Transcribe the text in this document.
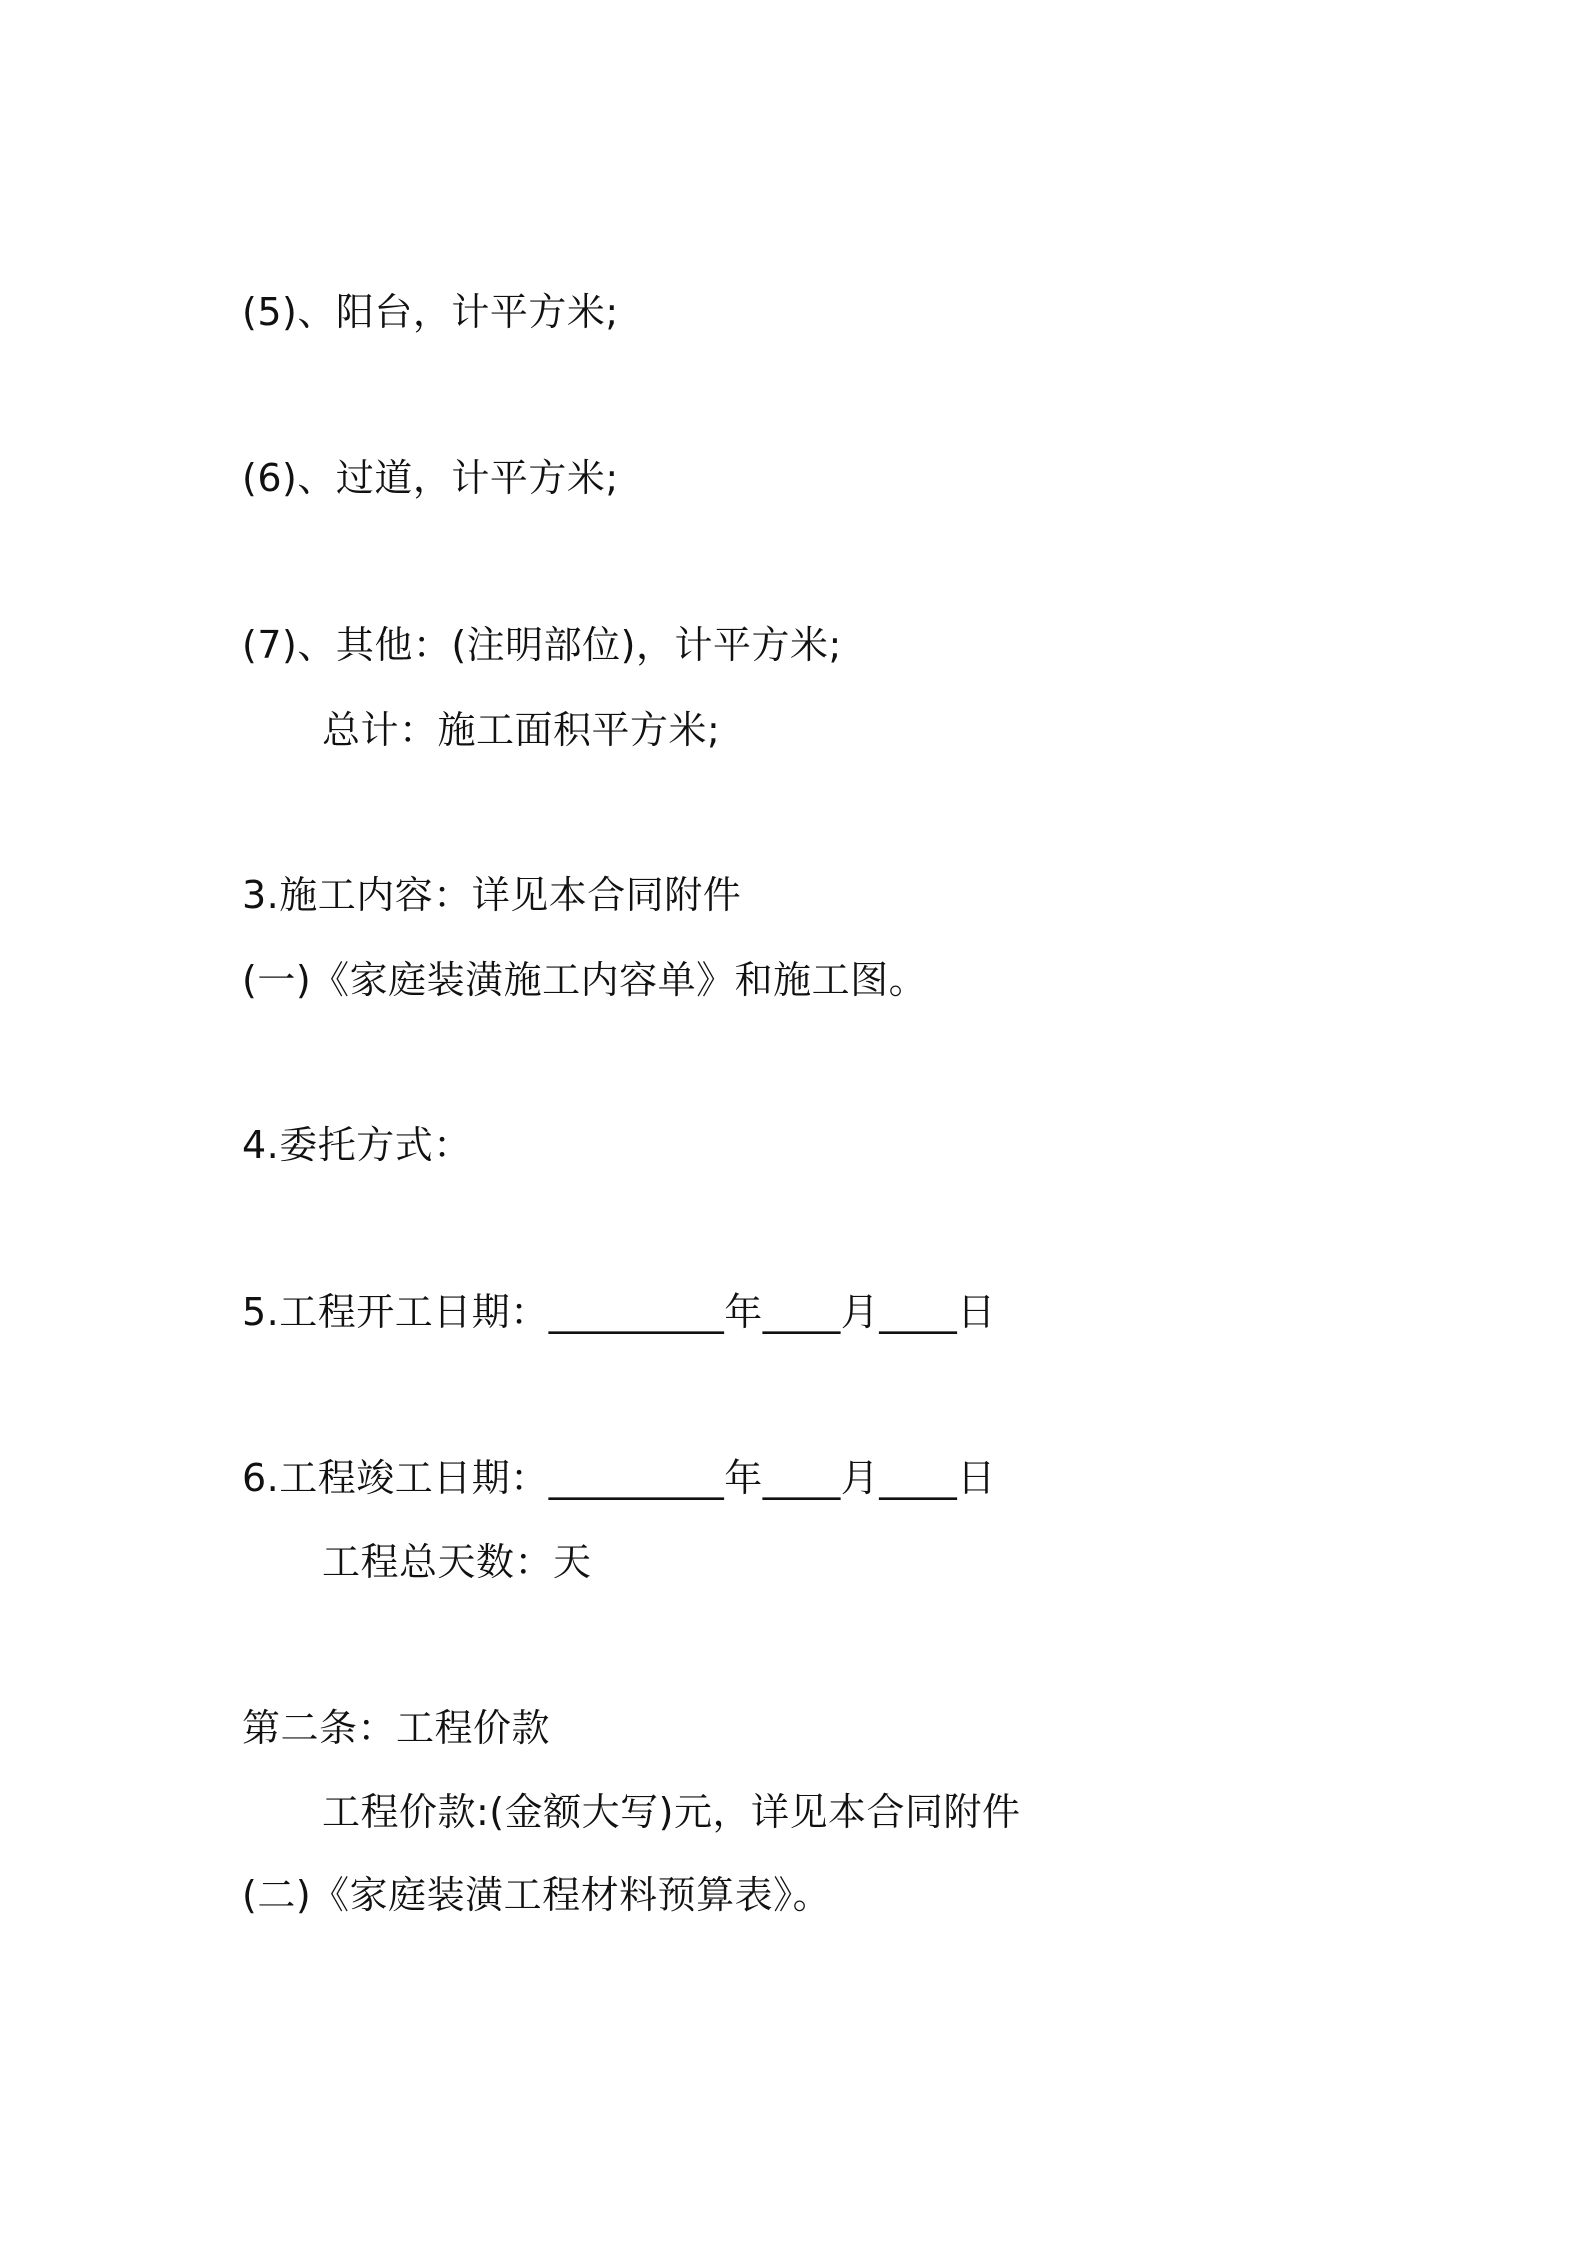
(5)、阳台，计平方米;
(6)、过道，计平方米;
(7)、其他：(注明部位)，计平方米;
总计：施工面积平方米;
3.施工内容：详见本合同附件
(一)《家庭装潢施工内容单》和施工图。
4.委托方式：
5.工程开工日期：_________年____月____日
6.工程竣工日期：_________年____月____日
工程总天数：天
第二条：工程价款
工程价款:(金额大写)元，详见本合同附件
(二)《家庭装潢工程材料预算表》。
